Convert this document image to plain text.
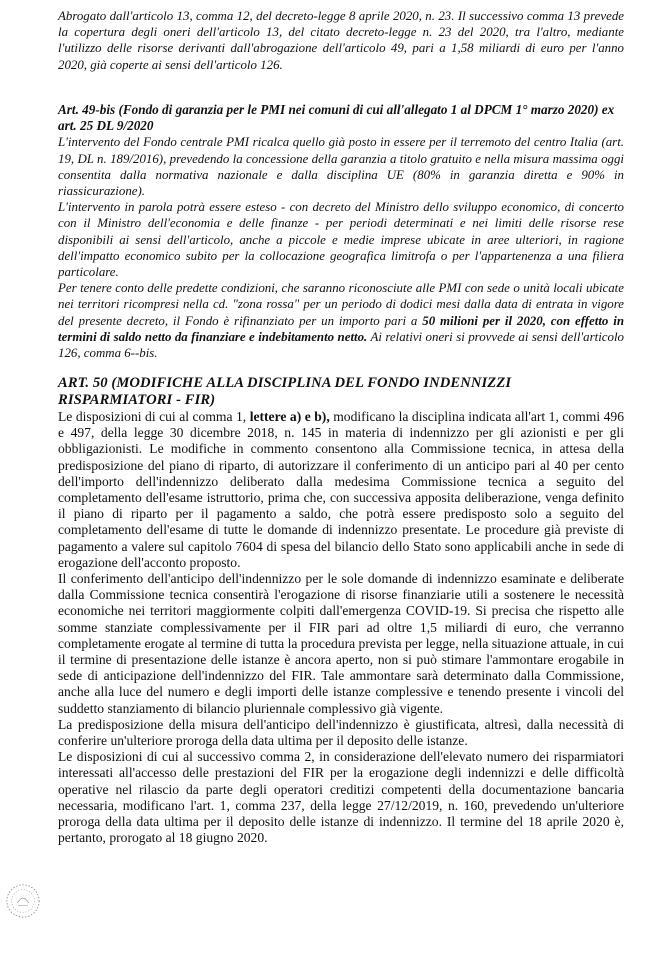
Abrogato dall'articolo 13, comma 12, del decreto-legge 8 aprile 2020, n. 23. Il successivo comma 13 prevede la copertura degli oneri dell'articolo 13, del citato decreto-legge n. 23 del 2020, tra l'altro, mediante l'utilizzo delle risorse derivanti dall'abrogazione dell'articolo 49, pari a 1,58 miliardi di euro per l'anno 2020, già coperte ai sensi dell'articolo 126.

Art. 49-bis (Fondo di garanzia per le PMI nei comuni di cui all'allegato 1 al DPCM 1° marzo 2020) ex art. 25 DL 9/2020

L'intervento del Fondo centrale PMI ricalca quello già posto in essere per il terremoto del centro Italia (art. 19, DL n. 189/2016), prevedendo la concessione della garanzia a titolo gratuito e nella misura massima oggi consentita dalla normativa nazionale e dalla disciplina UE (80% in garanzia diretta e 90% in riassicurazione).

L'intervento in parola potrà essere esteso - con decreto del Ministro dello sviluppo economico, di concerto con il Ministro dell'economia e delle finanze - per periodi determinati e nei limiti delle risorse rese disponibili ai sensi dell'articolo, anche a piccole e medie imprese ubicate in aree ulteriori, in ragione dell'impatto economico subito per la collocazione geografica limitrofa o per l'appartenenza a una filiera particolare.

Per tenere conto delle predette condizioni, che saranno riconosciute alle PMI con sede o unità locali ubicate nei territori ricompresi nella cd. "zona rossa" per un periodo di dodici mesi dalla data di entrata in vigore del presente decreto, il Fondo è rifinanziato per un importo pari a 50 milioni per il 2020, con effetto in termini di saldo netto da finanziare e indebitamento netto. Ai relativi oneri si provvede ai sensi dell'articolo 126, comma 6--bis.

ART. 50 (MODIFICHE ALLA DISCIPLINA DEL FONDO INDENNIZZI RISPARMIATORI - FIR)

Le disposizioni di cui al comma 1, lettere a) e b), modificano la disciplina indicata all'art 1, commi 496 e 497, della legge 30 dicembre 2018, n. 145 in materia di indennizzo per gli azionisti e per gli obbligazionisti. Le modifiche in commento consentono alla Commissione tecnica, in attesa della predisposizione del piano di riparto, di autorizzare il conferimento di un anticipo pari al 40 per cento dell'importo dell'indennizzo deliberato dalla medesima Commissione tecnica a seguito del completamento dell'esame istruttorio, prima che, con successiva apposita deliberazione, venga definito il piano di riparto per il pagamento a saldo, che potrà essere predisposto solo a seguito del completamento dell'esame di tutte le domande di indennizzo presentate. Le procedure già previste di pagamento a valere sul capitolo 7604 di spesa del bilancio dello Stato sono applicabili anche in sede di erogazione dell'acconto proposto.

Il conferimento dell'anticipo dell'indennizzo per le sole domande di indennizzo esaminate e deliberate dalla Commissione tecnica consentirà l'erogazione di risorse finanziarie utili a sostenere le necessità economiche nei territori maggiormente colpiti dall'emergenza COVID-19. Si precisa che rispetto alle somme stanziate complessivamente per il FIR pari ad oltre 1,5 miliardi di euro, che verranno completamente erogate al termine di tutta la procedura prevista per legge, nella situazione attuale, in cui il termine di presentazione delle istanze è ancora aperto, non si può stimare l'ammontare erogabile in sede di anticipazione dell'indennizzo del FIR. Tale ammontare sarà determinato dalla Commissione, anche alla luce del numero e degli importi delle istanze complessive e tenendo presente i vincoli del suddetto stanziamento di bilancio pluriennale complessivo già vigente.

La predisposizione della misura dell'anticipo dell'indennizzo è giustificata, altresì, dalla necessità di conferire un'ulteriore proroga della data ultima per il deposito delle istanze.

Le disposizioni di cui al successivo comma 2, in considerazione dell'elevato numero dei risparmiatori interessati all'accesso delle prestazioni del FIR per la erogazione degli indennizzi e delle difficoltà operative nel rilascio da parte degli operatori creditizi competenti della documentazione bancaria necessaria, modificano l'art. 1, comma 237, della legge 27/12/2019, n. 160, prevedendo un'ulteriore proroga della data ultima per il deposito delle istanze di indennizzo. Il termine del 18 aprile 2020 è, pertanto, prorogato al 18 giugno 2020.
